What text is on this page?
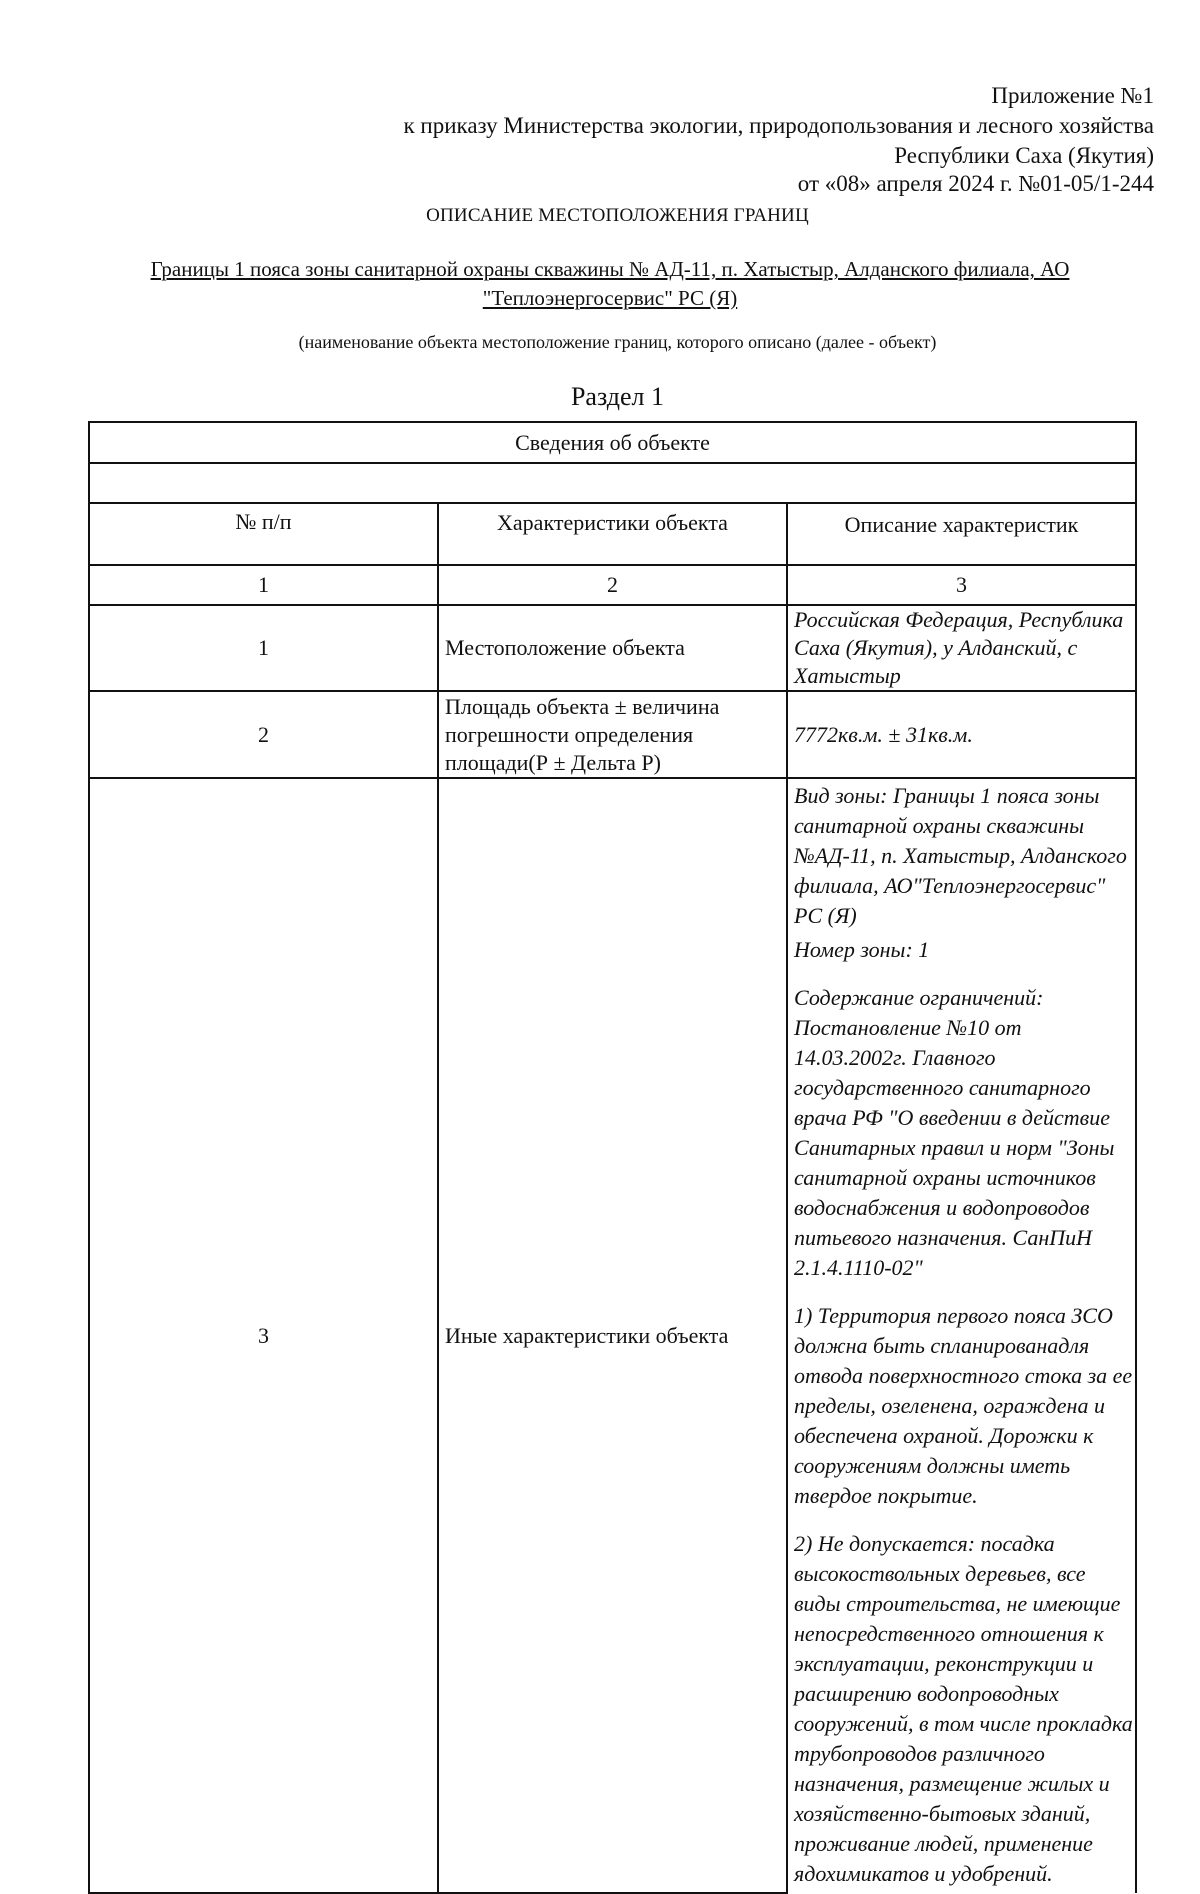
Приложение №1
к приказу Министерства экологии, природопользования и лесного хозяйства
Республики Саха (Якутия)
от «08» апреля 2024 г. №01-05/1-244
ОПИСАНИЕ МЕСТОПОЛОЖЕНИЯ ГРАНИЦ
Границы 1 пояса зоны санитарной охраны скважины № АД-11, п. Хатыстыр, Алданского филиала, АО "Теплоэнергосервис" РС (Я)
(наименование объекта местоположение границ, которого описано (далее - объект)
Раздел 1
Сведения об объекте		

№ п/п	Характеристики объекта	Описание характеристик
1	2	3
1	Местоположение объекта	Российская Федерация, Республика Саха (Якутия), у Алданский, с Хатыстыр

2	Площадь объекта ± величина погрешности определения площади(Р ± Дельта Р)	7772кв.м. ± 31кв.м.

3	Иные характеристики объекта	Вид зоны: Границы 1 пояса зоны санитарной охраны скважины №АД-11, п. Хатыстыр, Алданского филиала, АО"Теплоэнергосервис" РС (Я)

Номер зоны: 1

Содержание ограничений: Постановление №10 от 14.03.2002г. Главного государственного санитарного врача РФ "О введении в действие Санитарных правил и норм "Зоны санитарной охраны источников водоснабжения и водопроводов питьевого назначения. СанПиН 2.1.4.1110-02"

1) Территория первого пояса ЗСО должна быть спланированадля отвода поверхностного стока за ее пределы, озеленена, ограждена и обеспечена охраной. Дорожки к сооружениям должны иметь твердое покрытие.

2) Не допускается: посадка высокоствольных деревьев, все виды строительства, не имеющие непосредственного отношения к эксплуатации, реконструкции и расширению водопроводных сооружений, в том числе прокладка трубопроводов различного назначения, размещение жилых и хозяйственно-бытовых зданий, проживание людей, применение ядохимикатов и удобрений.
